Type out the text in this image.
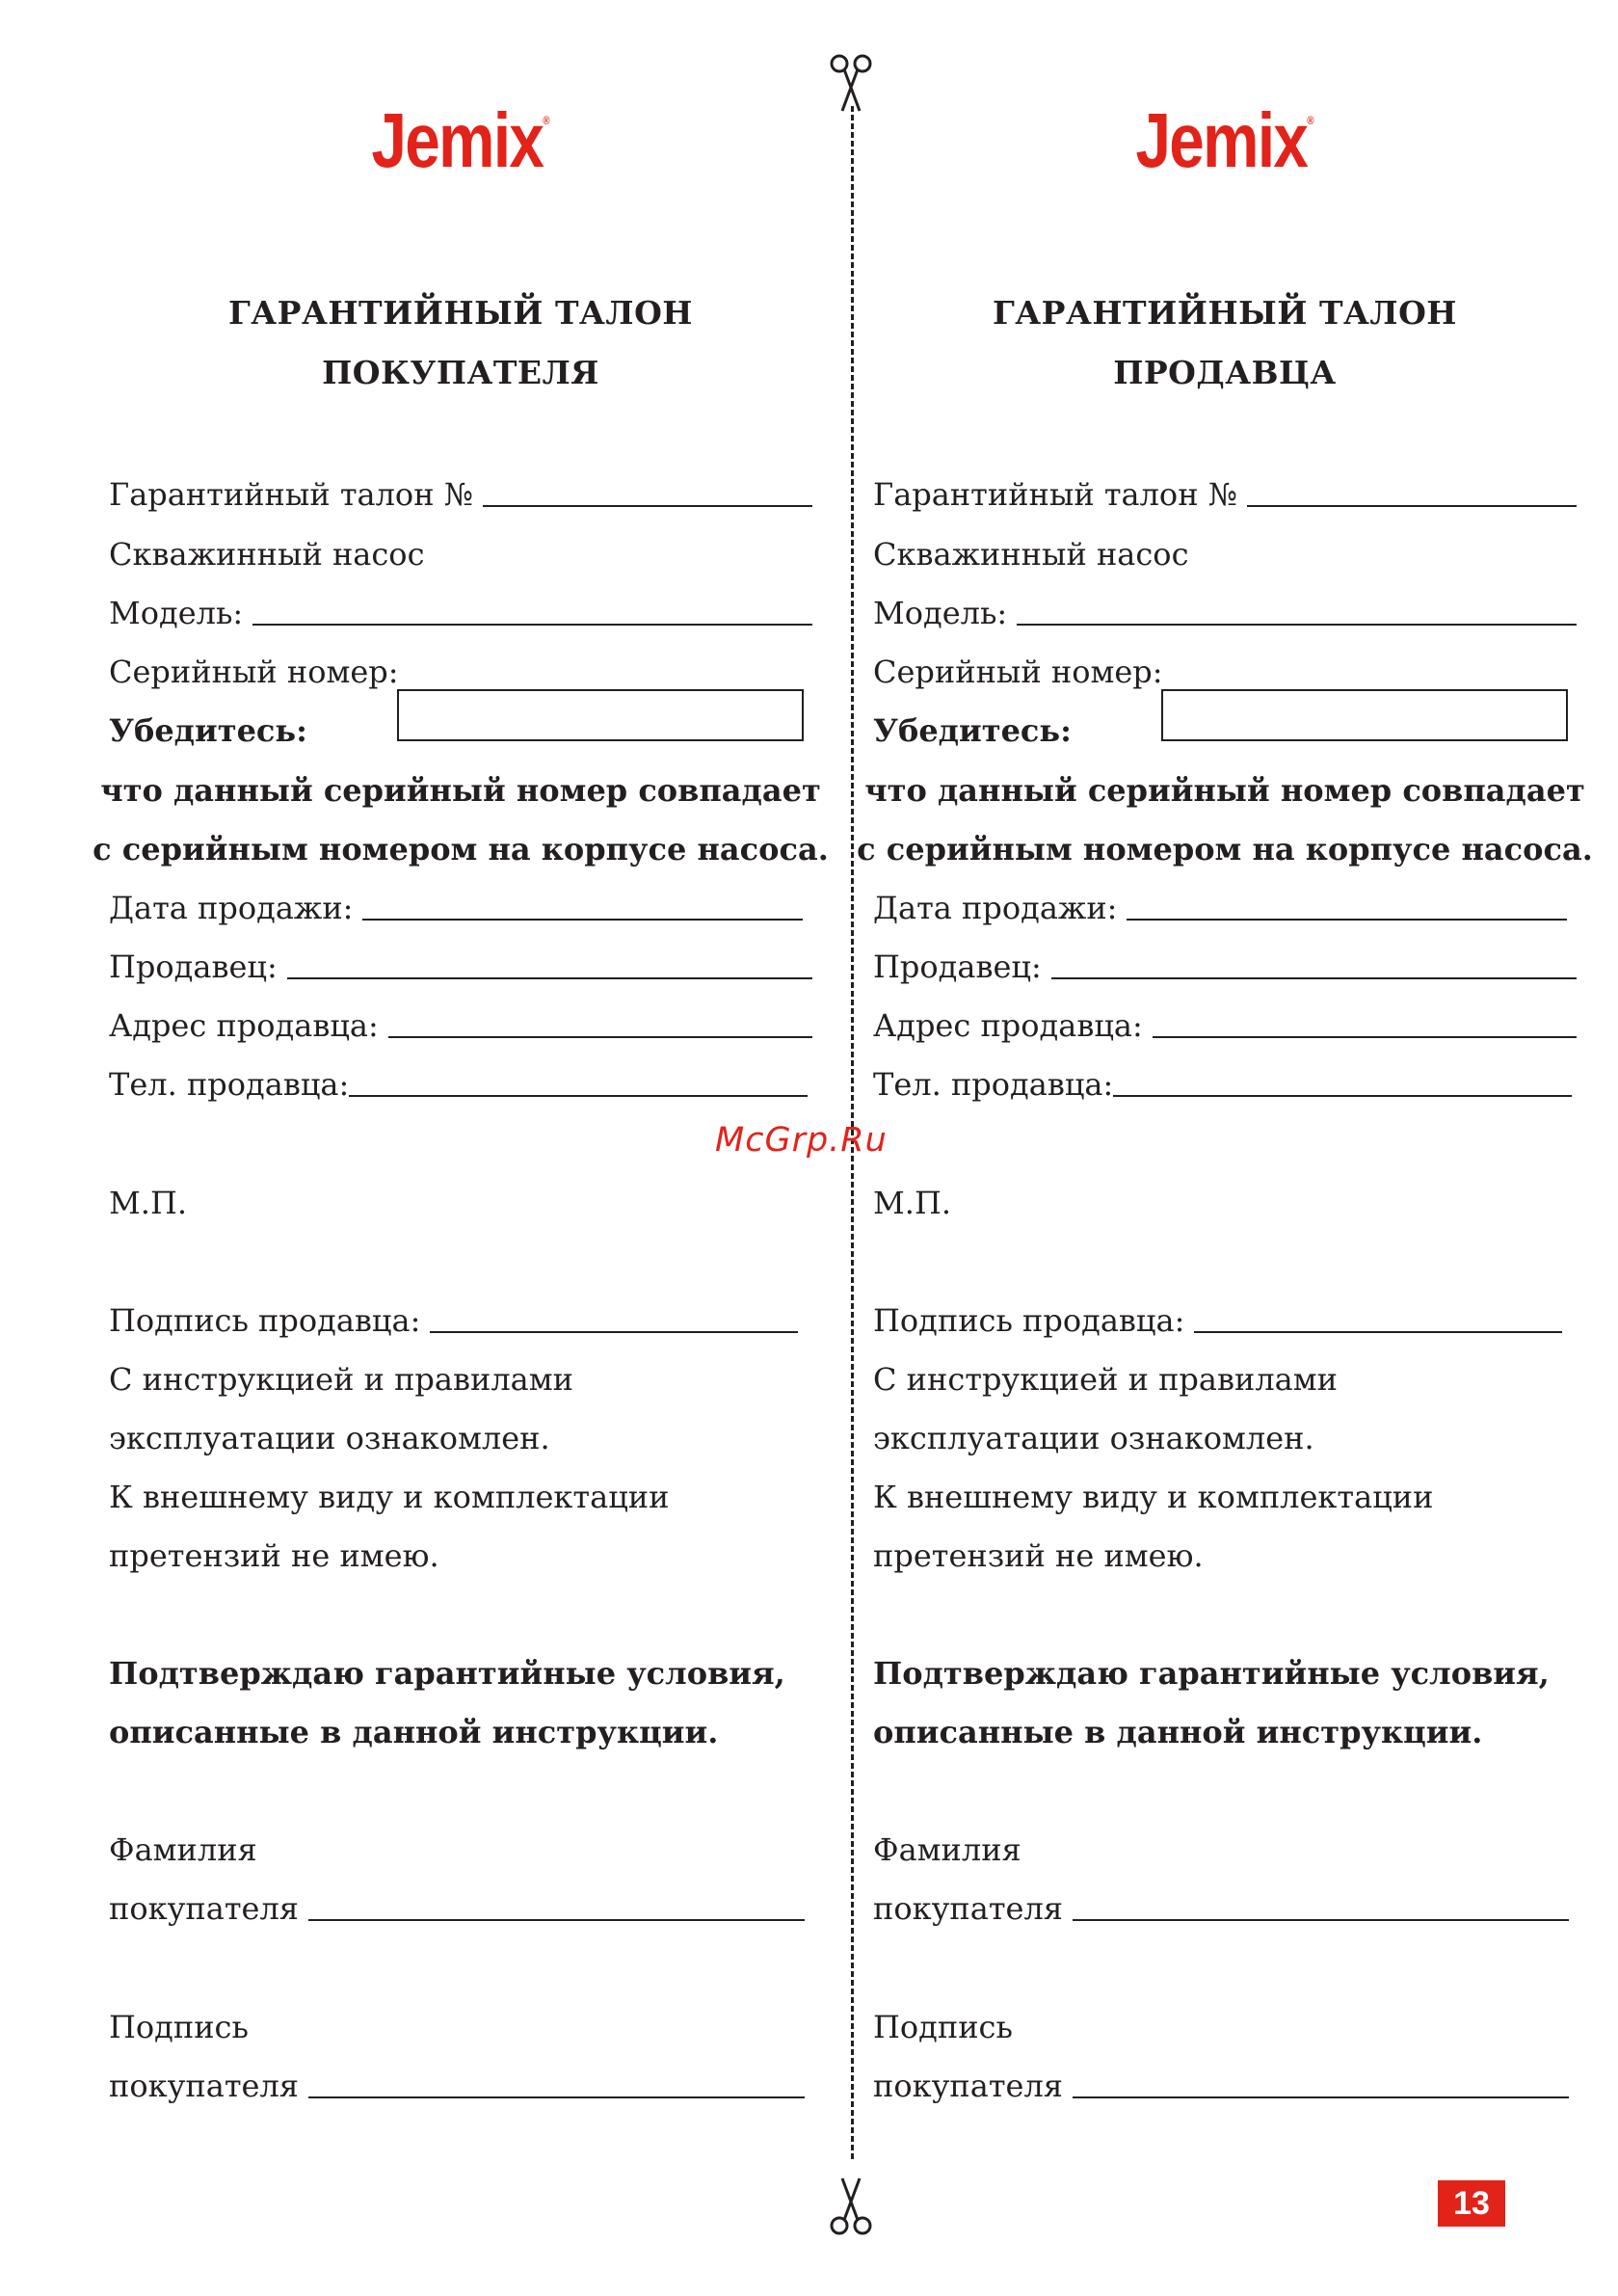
Jemix®
ГАРАНТИЙНЫЙ ТАЛОН
ПОКУПАТЕЛЯ
Гарантийный талон №
Скважинный насос
Модель:
Серийный номер:
Убедитесь:
что данный серийный номер совпадает
с серийным номером на корпусе насоса.
Дата продажи:
Продавец:
Адрес продавца:
Тел. продавца:
М.П.
Подпись продавца:
С инструкцией и правилами
эксплуатации ознакомлен.
К внешнему виду и комплектации
претензий не имею.
Подтверждаю гарантийные условия,
описанные в данной инструкции.
Фамилия
покупателя
Подпись
покупателя
Jemix®
ГАРАНТИЙНЫЙ ТАЛОН
ПРОДАВЦА
Гарантийный талон №
Скважинный насос
Модель:
Серийный номер:
Убедитесь:
что данный серийный номер совпадает
с серийным номером на корпусе насоса.
Дата продажи:
Продавец:
Адрес продавца:
Тел. продавца:
М.П.
Подпись продавца:
С инструкцией и правилами
эксплуатации ознакомлен.
К внешнему виду и комплектации
претензий не имею.
Подтверждаю гарантийные условия,
описанные в данной инструкции.
Фамилия
покупателя
Подпись
покупателя
McGrp.Ru
13
